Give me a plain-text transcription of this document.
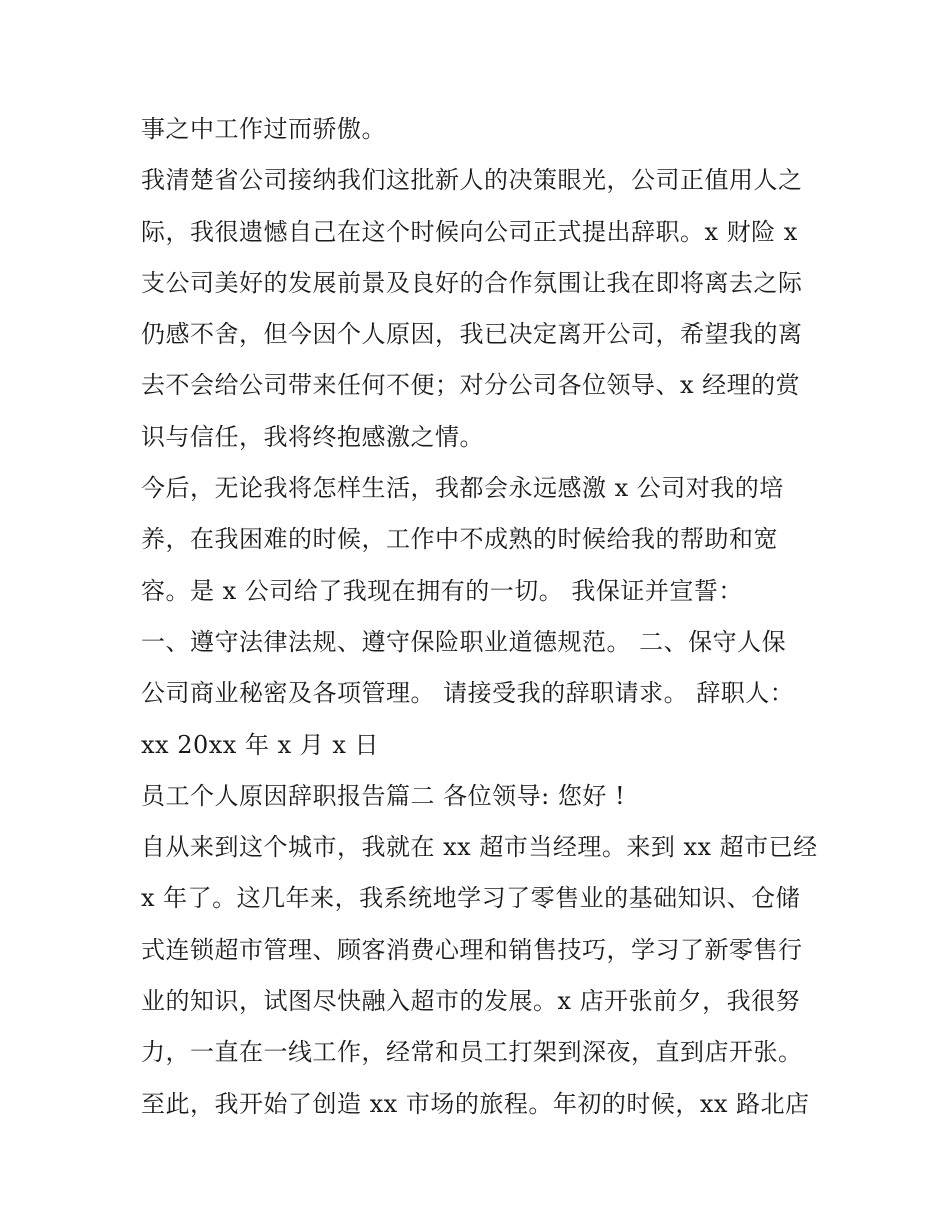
事之中工作过而骄傲。
我清楚省公司接纳我们这批新人的决策眼光，公司正值用人之
际，我很遗憾自己在这个时候向公司正式提出辞职。x 财险 x
支公司美好的发展前景及良好的合作氛围让我在即将离去之际
仍感不舍，但今因个人原因，我已决定离开公司，希望我的离
去不会给公司带来任何不便；对分公司各位领导、x 经理的赏
识与信任，我将终抱感激之情。
今后，无论我将怎样生活，我都会永远感激 x 公司对我的培
养，在我困难的时候，工作中不成熟的时候给我的帮助和宽
容。是 x 公司给了我现在拥有的一切。 我保证并宣誓：
一、遵守法律法规、遵守保险职业道德规范。 二、保守人保
公司商业秘密及各项管理。 请接受我的辞职请求。 辞职人：
xx 20xx 年 x 月 x 日
员工个人原因辞职报告篇二 各位领导: 您好 !
自从来到这个城市，我就在 xx 超市当经理。来到 xx 超市已经
x 年了。这几年来，我系统地学习了零售业的基础知识、仓储
式连锁超市管理、顾客消费心理和销售技巧，学习了新零售行
业的知识，试图尽快融入超市的发展。x 店开张前夕，我很努
力，一直在一线工作，经常和员工打架到深夜，直到店开张。
至此，我开始了创造 xx 市场的旅程。年初的时候，xx 路北店
